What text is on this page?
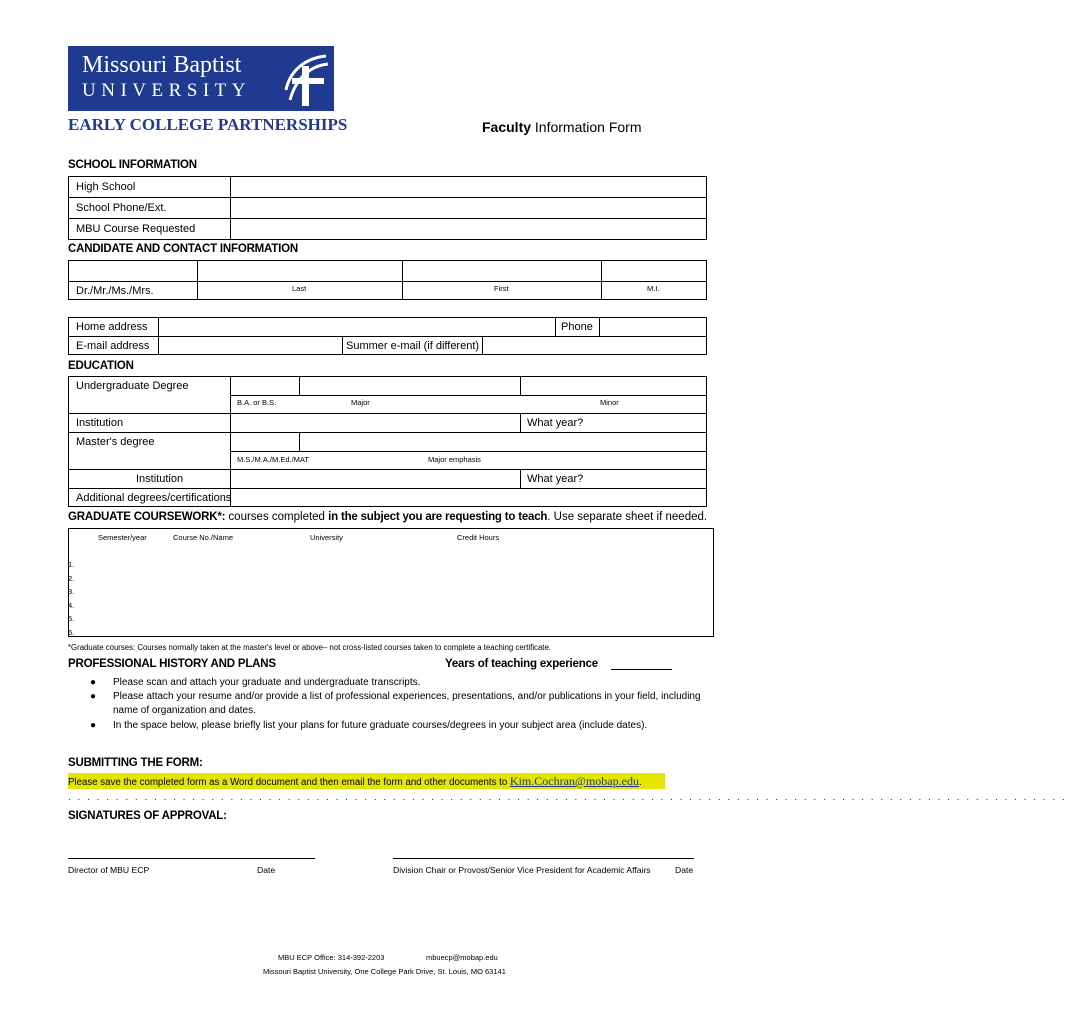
Missouri Baptist
UNIVERSITY
EARLY COLLEGE PARTNERSHIPS	Faculty Information Form
SCHOOL INFORMATION
High School
School Phone/Ext.
MBU Course Requested
CANDIDATE AND CONTACT INFORMATION
Dr./Mr./Ms./Mrs.	Last	First	M.I.
Home address	Phone
E-mail address	Summer e-mail (if different)
EDUCATION
Undergraduate Degree
B.A. or B.S.	Major	Minor
Institution	What year?
Master's degree
M.S./M.A./M.Ed./MAT	Major emphasis
Institution	What year?
Additional degrees/certifications
GRADUATE COURSEWORK*: courses completed in the subject you are requesting to teach. Use separate sheet if needed.
Semester/year	Course No./Name	University	Credit Hours
1.
2.
3.
4.
5.
6.
*Graduate courses: Courses normally taken at the master's level or above– not cross-listed courses taken to complete a teaching certificate.
PROFESSIONAL HISTORY AND PLANS	Years of teaching experience
● Please scan and attach your graduate and undergraduate transcripts.
● Please attach your resume and/or provide a list of professional experiences, presentations, and/or publications in your field, including
name of organization and dates.
● In the space below, please briefly list your plans for future graduate courses/degrees in your subject area (include dates).
SUBMITTING THE FORM:
Please save the completed form as a Word document and then email the form and other documents to Kim.Cochran@mobap.edu.
. . . . . . . . . . . . . . . . . . . . . . . . . . . . . . . . . . . . . . . . . . . . . . . . . . . . . . . . . . . . . . . . . . . . . . . . . . . . . . . . . . . . . . . . . . . . . . . . . . . . . . . . .
SIGNATURES OF APPROVAL:
Director of MBU ECP	Date	Division Chair or Provost/Senior Vice President for Academic Affairs	Date
MBU ECP Office: 314-392-2203	mbuecp@mobap.edu
Missouri Baptist University, One College Park Drive, St. Louis, MO 63141
